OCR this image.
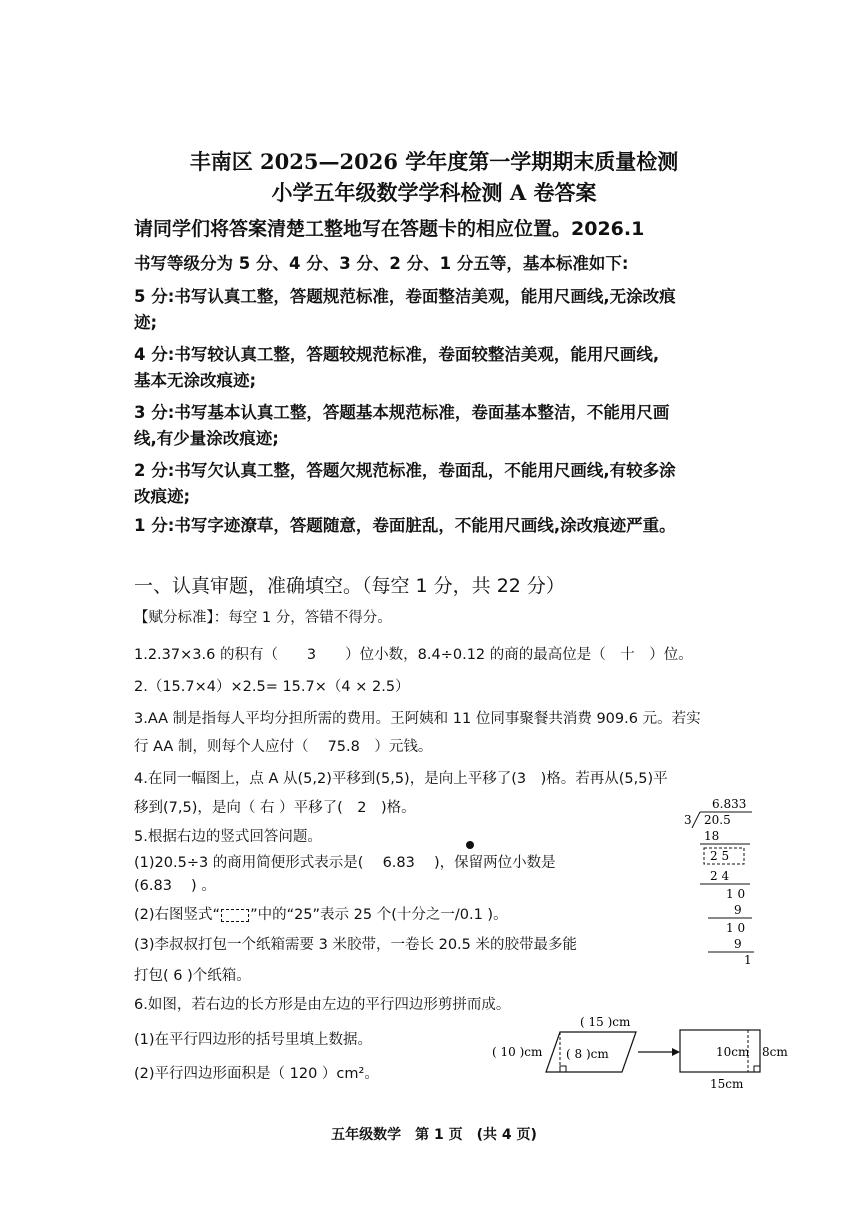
丰南区 2025—2026 学年度第一学期期末质量检测
小学五年级数学学科检测 A 卷答案
请同学们将答案清楚工整地写在答题卡的相应位置。2026.1
书写等级分为 5 分、4 分、3 分、2 分、1 分五等，基本标准如下:
5 分:书写认真工整，答题规范标准，卷面整洁美观，能用尺画线,无涂改痕
迹;
4 分:书写较认真工整，答题较规范标准，卷面较整洁美观，能用尺画线,
基本无涂改痕迹;
3 分:书写基本认真工整，答题基本规范标准，卷面基本整洁，不能用尺画
线,有少量涂改痕迹;
2 分:书写欠认真工整，答题欠规范标准，卷面乱，不能用尺画线,有较多涂
改痕迹;
1 分:书写字迹潦草，答题随意，卷面脏乱，不能用尺画线,涂改痕迹严重。
一、认真审题，准确填空。（每空 1 分，共 22 分）
【赋分标准】：每空 1 分，答错不得分。
1.2.37×3.6 的积有（　　3　　）位小数，8.4÷0.12 的商的最高位是（　十　）位。
2.（15.7×4）×2.5= 15.7×（4 × 2.5）
3.AA 制是指每人平均分担所需的费用。王阿姨和 11 位同事聚餐共消费 909.6 元。若实
行 AA 制，则每个人应付（　 75.8　）元钱。
4.在同一幅图上，点 A 从(5,2)平移到(5,5)，是向上平移了(3　)格。若再从(5,5)平
移到(7,5)，是向（ 右 ）平移了(　2　)格。
5.根据右边的竖式回答问题。
(1)20.5÷3 的商用简便形式表示是(　 6.83　 )，保留两位小数是
(6.83　 ) 。
(2)右图竖式“ ”中的“25”表示 25 个(十分之一/0.1 )。
(3)李叔叔打包一个纸箱需要 3 米胶带，一卷长 20.5 米的胶带最多能
打包( 6 )个纸箱。
6.如图，若右边的长方形是由左边的平行四边形剪拼而成。
(1)在平行四边形的括号里填上数据。
(2)平行四边形面积是（ 120 ）cm²。
6.833
3 20.5
18
2 5
2 4
1 0
9
1 0
9
1
( 15 )cm
( 10 )cm ( 8 )cm	10cm 8cm
15cm
五年级数学　第 1 页　(共 4 页)
